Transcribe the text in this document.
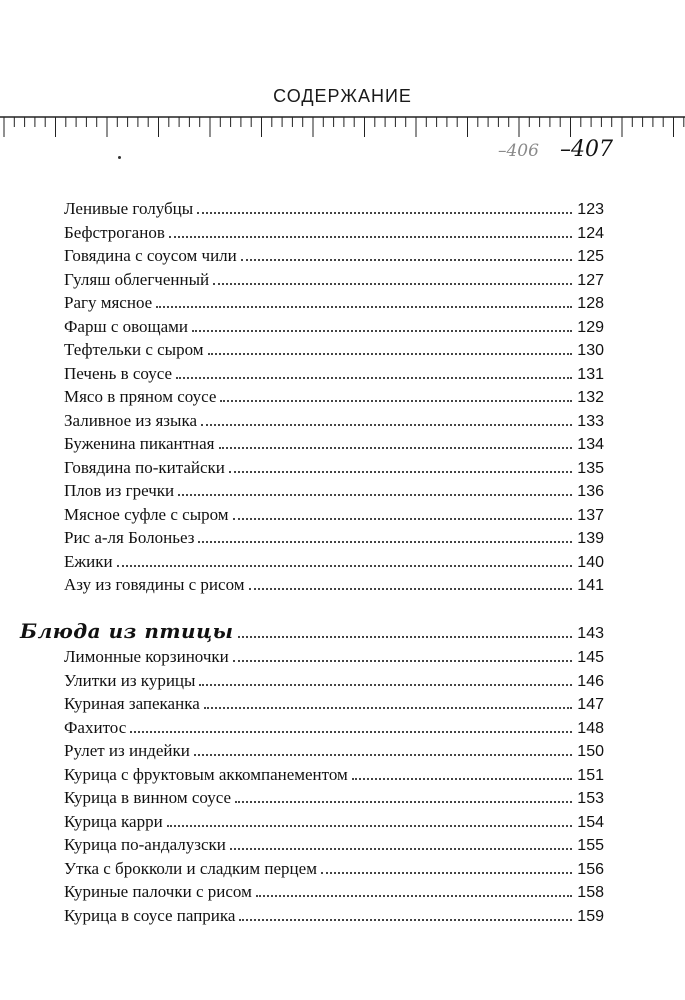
СОДЕРЖАНИЕ
–406 –407
Ленивые голубцы	123
Бефстроганов	124
Говядина с соусом чили	125
Гуляш облегченный	127
Рагу мясное	128
Фарш с овощами	129
Тефтельки с сыром	130
Печень в соусе	131
Мясо в пряном соусе	132
Заливное из языка	133
Буженина пикантная	134
Говядина по-китайски	135
Плов из гречки	136
Мясное суфле с сыром	137
Рис а-ля Болоньез	139
Ежики	140
Азу из говядины с рисом	141
Блюда из птицы	143
Лимонные корзиночки	145
Улитки из курицы	146
Куриная запеканка	147
Фахитос	148
Рулет из индейки	150
Курица с фруктовым аккомпанементом	151
Курица в винном соусе	153
Курица карри	154
Курица по-андалузски	155
Утка с брокколи и сладким перцем	156
Куриные палочки с рисом	158
Курица в соусе паприка	159
